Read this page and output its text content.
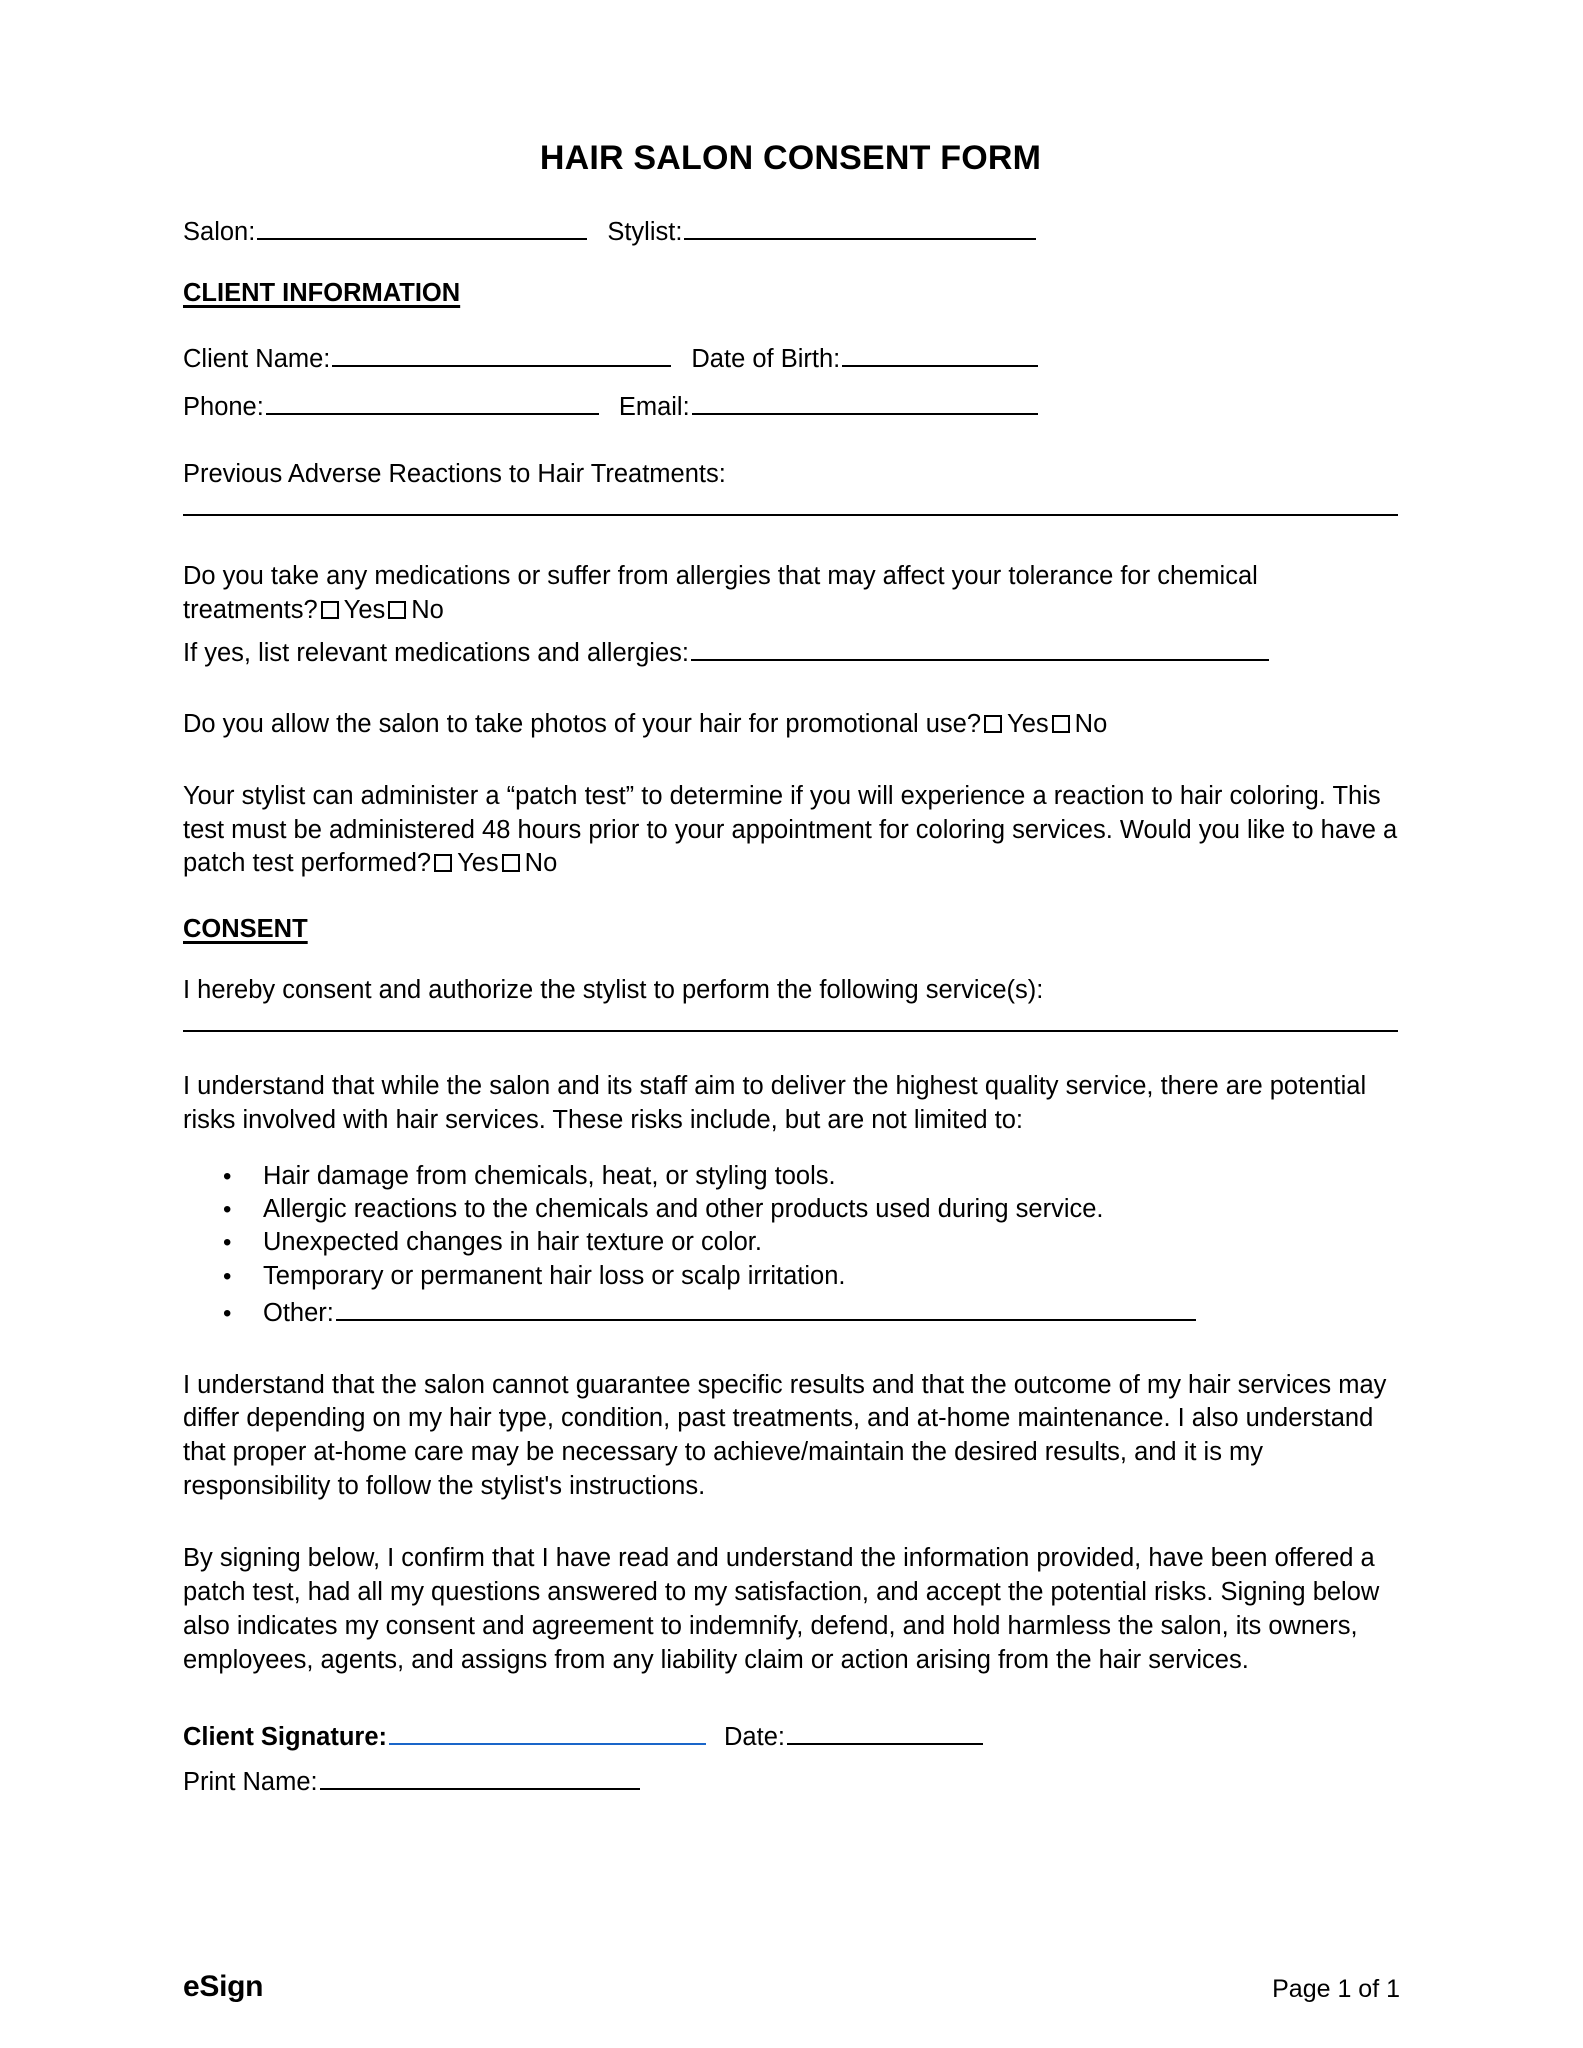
HAIR SALON CONSENT FORM
Salon:	Stylist:
CLIENT INFORMATION
Client Name:	Date of Birth:
Phone:	Email:

Previous Adverse Reactions to Hair Treatments:

Do you take any medications or suffer from allergies that may affect your tolerance for chemical treatments? Yes No

If yes, list relevant medications and allergies:

Do you allow the salon to take photos of your hair for promotional use? Yes No

Your stylist can administer a “patch test” to determine if you will experience a reaction to hair coloring. This test must be administered 48 hours prior to your appointment for coloring services. Would you like to have a patch test performed? Yes No

CONSENT

I hereby consent and authorize the stylist to perform the following service(s):

I understand that while the salon and its staff aim to deliver the highest quality service, there are potential risks involved with hair services. These risks include, but are not limited to:

•	Hair damage from chemicals, heat, or styling tools.
•	Allergic reactions to the chemicals and other products used during service.
•	Unexpected changes in hair texture or color.
•	Temporary or permanent hair loss or scalp irritation.
•	Other:

I understand that the salon cannot guarantee specific results and that the outcome of my hair services may differ depending on my hair type, condition, past treatments, and at-home maintenance. I also understand that proper at-home care may be necessary to achieve/maintain the desired results, and it is my responsibility to follow the stylist's instructions.

By signing below, I confirm that I have read and understand the information provided, have been offered a patch test, had all my questions answered to my satisfaction, and accept the potential risks. Signing below also indicates my consent and agreement to indemnify, defend, and hold harmless the salon, its owners, employees, agents, and assigns from any liability claim or action arising from the hair services.

Client Signature:	Date:
Print Name:
eSign	Page 1 of 1
